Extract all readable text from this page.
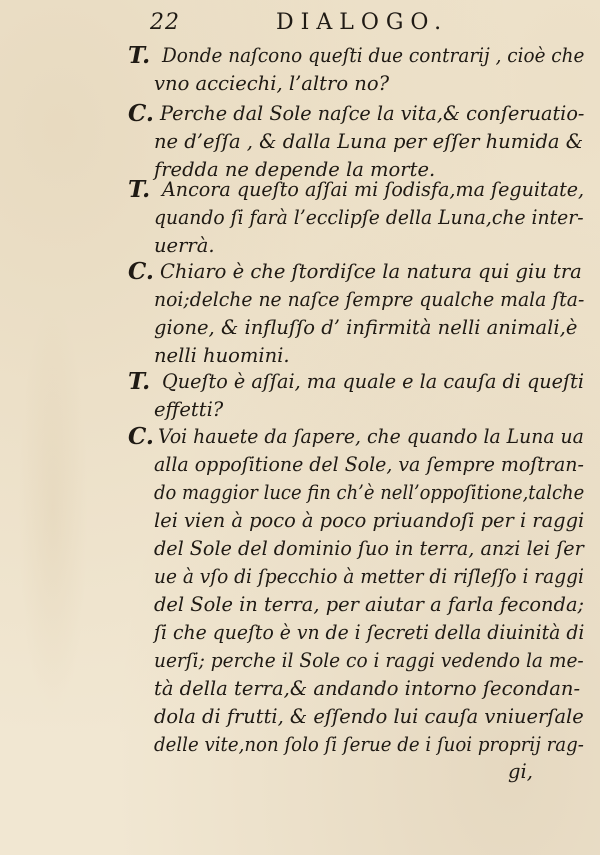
22	DIALOGO.
T. Donde naſcono queſti due contrarij , cioè che
vno acciechi, l’altro no?
C. Perche dal Sole naſce la vita,& conſeruatio-
ne d’eſſa , & dalla Luna per eſſer humida &
fredda ne depende la morte.
T. Ancora queſto aſſai mi ſodisfa,ma ſeguitate,
quando ſi farà l’ecclipſe della Luna,che inter-
uerrà.
C. Chiaro è che ſtordiſce la natura qui giu tra
noi;delche ne naſce ſempre qualche mala ſta-
gione, & influſſo d’ infirmità nelli animali,è
nelli huomini.
T. Queſto è aſſai, ma quale e la cauſa di queſti
effetti?
C. Voi hauete da ſapere, che quando la Luna ua
alla oppoſitione del Sole, va ſempre moſtran-
do maggior luce fin ch’è nell’oppoſitione,talche
lei vien à poco à poco priuandoſi per i raggi
del Sole del dominio ſuo in terra, anzi lei ſer
ue à vſo di ſpecchio à metter di riſleſſo i raggi
del Sole in terra, per aiutar a farla feconda;
ſi che queſto è vn de i ſecreti della diuinità di
uerſi; perche il Sole co i raggi vedendo la me-
tà della terra,& andando intorno ſecondan-
dola di frutti, & eſſendo lui cauſa vniuerſale
delle vite,non ſolo ſi ſerue de i ſuoi proprij rag-
gi,
